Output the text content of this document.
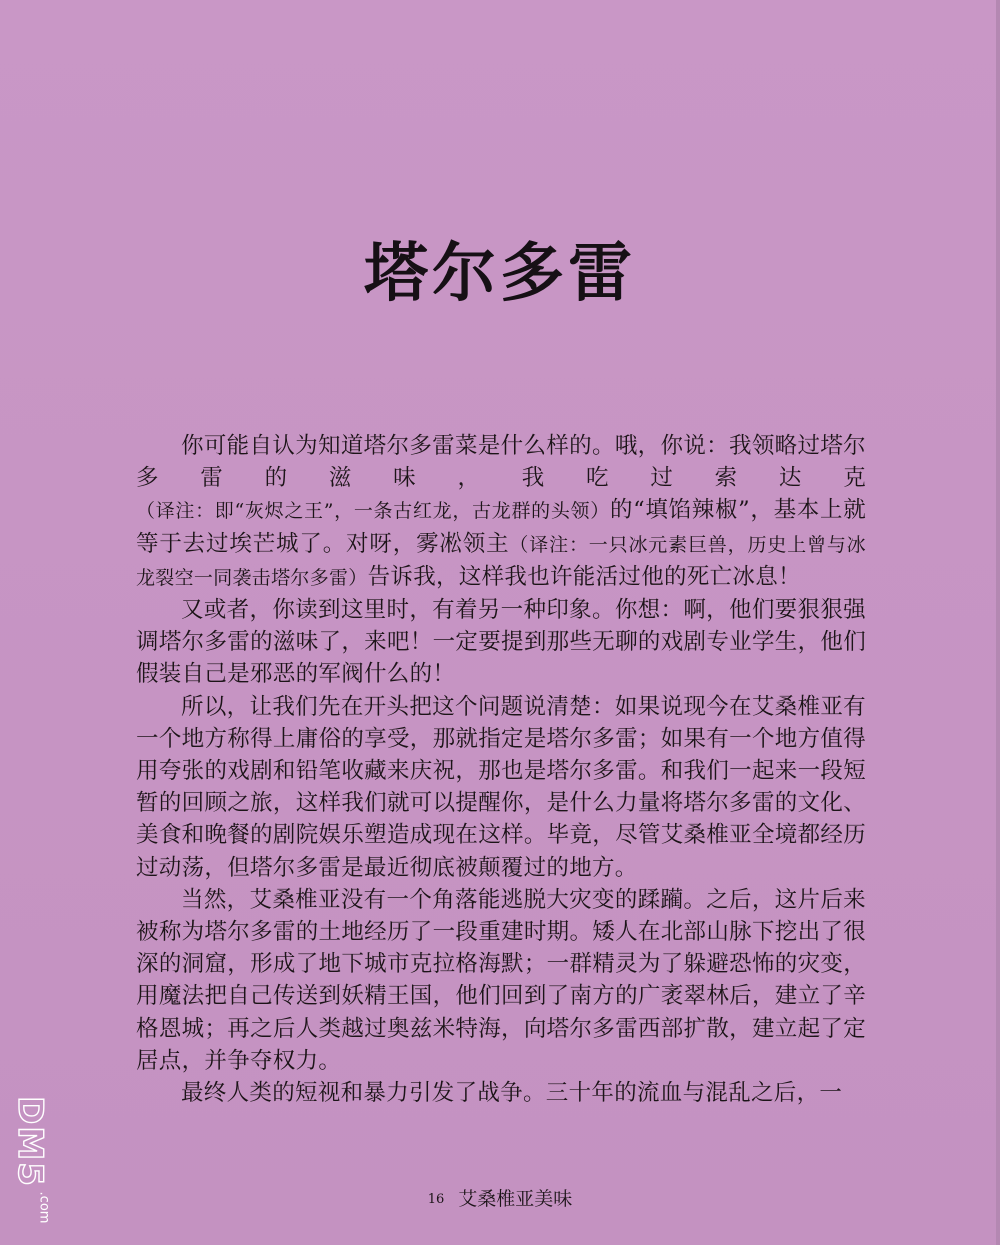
塔尔多雷

你可能自认为知道塔尔多雷菜是什么样的。哦，你说：我领略过塔尔多雷的滋味，我吃过索达克（译注：即“灰烬之王”，一条古红龙，古龙群的头领）的“填馅辣椒”，基本上就等于去过埃芒城了。对呀，雾凇领主（译注：一只冰元素巨兽，历史上曾与冰龙裂空一同袭击塔尔多雷）告诉我，这样我也许能活过他的死亡冰息！

又或者，你读到这里时，有着另一种印象。你想：啊，他们要狠狠强调塔尔多雷的滋味了，来吧！一定要提到那些无聊的戏剧专业学生，他们假装自己是邪恶的军阀什么的！

所以，让我们先在开头把这个问题说清楚：如果说现今在艾桑椎亚有一个地方称得上庸俗的享受，那就指定是塔尔多雷；如果有一个地方值得用夸张的戏剧和铅笔收藏来庆祝，那也是塔尔多雷。和我们一起来一段短暂的回顾之旅，这样我们就可以提醒你，是什么力量将塔尔多雷的文化、美食和晚餐的剧院娱乐塑造成现在这样。毕竟，尽管艾桑椎亚全境都经历过动荡，但塔尔多雷是最近彻底被颠覆过的地方。

当然，艾桑椎亚没有一个角落能逃脱大灾变的蹂躏。之后，这片后来被称为塔尔多雷的土地经历了一段重建时期。矮人在北部山脉下挖出了很深的洞窟，形成了地下城市克拉格海默；一群精灵为了躲避恐怖的灾变，用魔法把自己传送到妖精王国，他们回到了南方的广袤翠林后，建立了辛格恩城；再之后人类越过奥兹米特海，向塔尔多雷西部扩散，建立起了定居点，并争夺权力。

最终人类的短视和暴力引发了战争。三十年的流血与混乱之后，一

16 艾桑椎亚美味
DM5
.com
